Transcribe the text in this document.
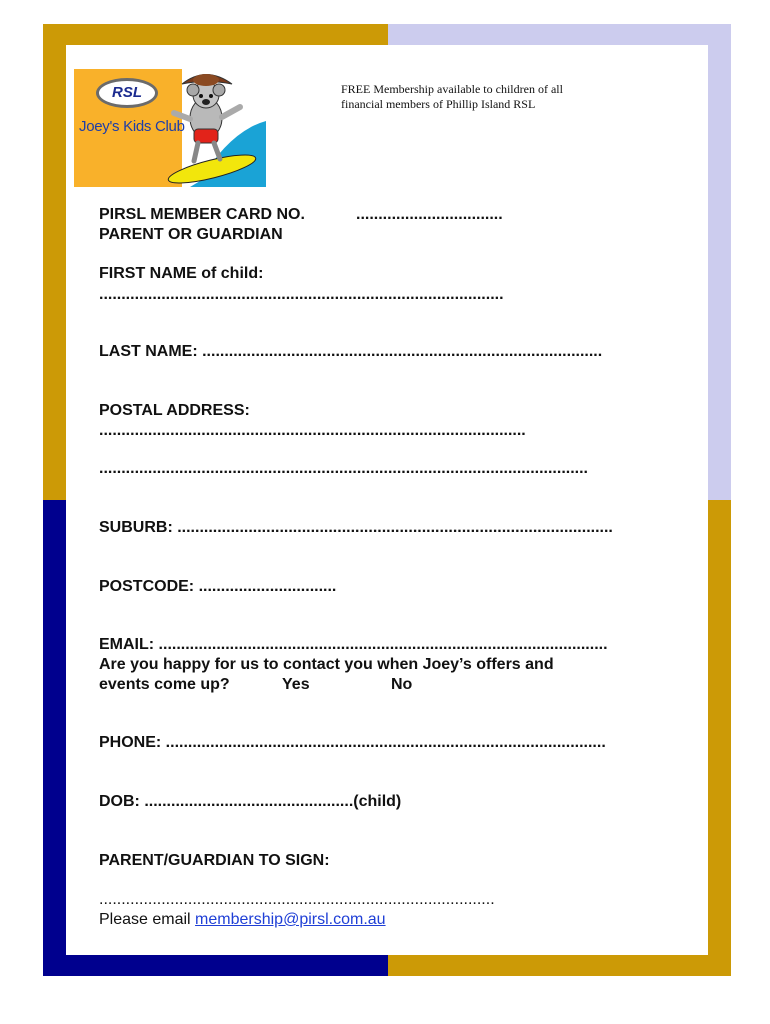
RSL
Joey's Kids Club
FREE Membership available to children of all
financial members of Phillip Island RSL
PIRSL MEMBER CARD NO.	.................................
PARENT OR GUARDIAN
FIRST NAME of child:
...........................................................................................
LAST NAME: ..........................................................................................
POSTAL ADDRESS:
................................................................................................
..............................................................................................................
SUBURB: ..................................................................................................
POSTCODE: ...............................
EMAIL: .....................................................................................................
Are you happy for us to contact you when Joey’s offers and
events come up?	Yes	No
PHONE: ...................................................................................................
DOB: ...............................................(child)
PARENT/GUARDIAN TO SIGN:
.........................................................................................
Please email membership@pirsl.com.au
